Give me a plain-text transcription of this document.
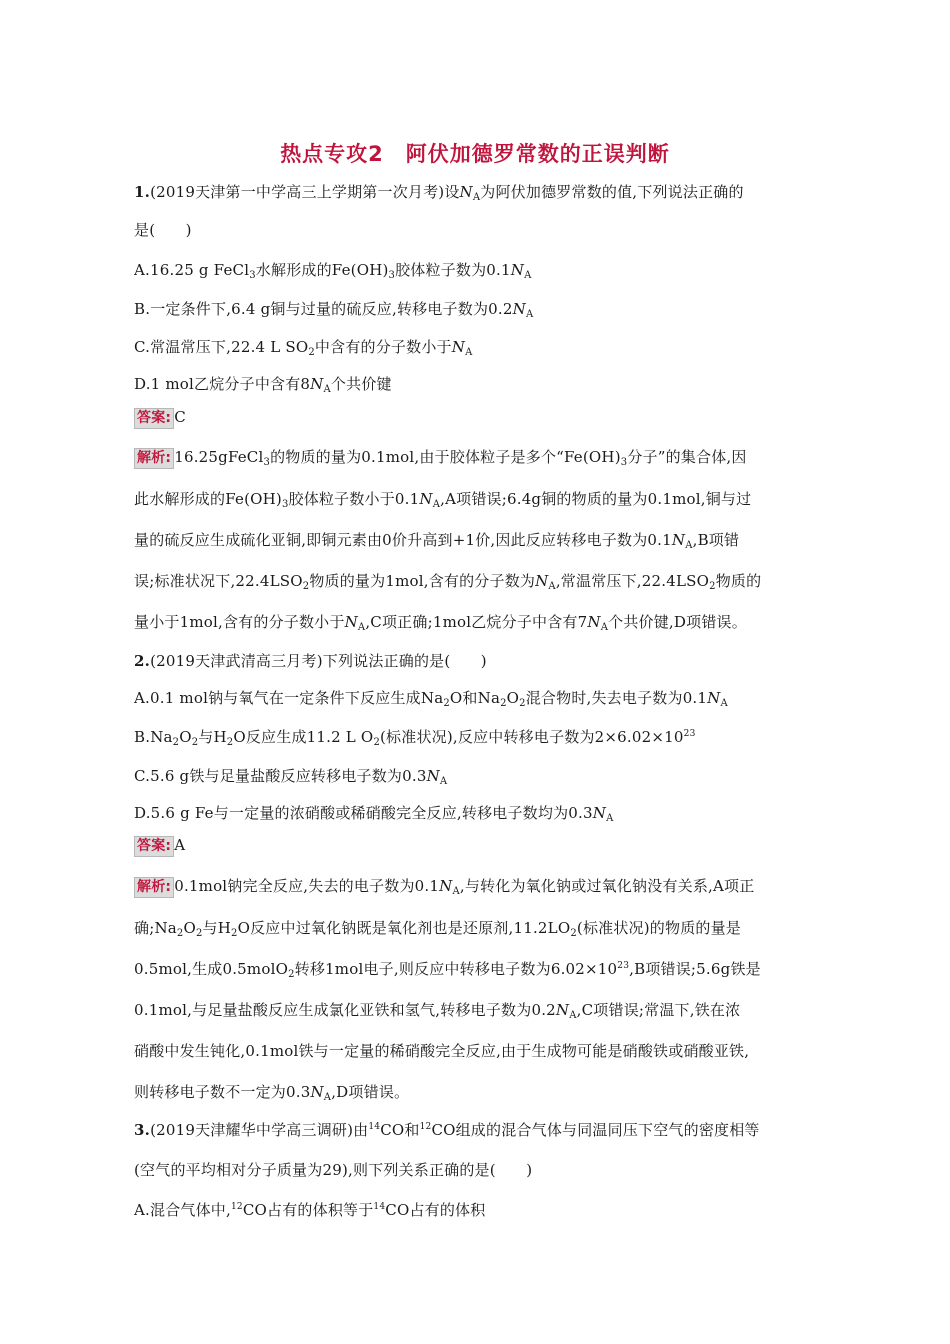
热点专攻2　阿伏加德罗常数的正误判断
1.(2019天津第一中学高三上学期第一次月考)设$N_A$为阿伏加德罗常数的值,下列说法正确的
是(　　)
A.16.25 g FeCl$_3$水解形成的$Fe(OH)_3$胶体粒子数为$0.1N_A$
B.一定条件下,6.4 g铜与过量的硫反应,转移电子数为$0.2N_A$
C.常温常压下,22.4 L $SO_2$中含有的分子数小于$N_A$
D.1 mol乙烷分子中含有$8N_A$个共价键
答案: C
解析: 16.25gFeCl$_3$的物质的量为0.1mol,由于胶体粒子是多个“$Fe(OH)_3$分子”的集合体,因
此水解形成的$Fe(OH)_3$胶体粒子数小于$0.1N_A,A$项错误;6.4g铜的物质的量为0.1mol,铜与过
量的硫反应生成硫化亚铜,即铜元素由0价升高到+1价,因此反应转移电子数为$0.1N_A,B$项错
误;标准状况下$,22.4LSO_2$物质的量为1mol,含有的分子数为$N_A$,常温常压下$,22.4LSO_2$物质的
量小于1mol,含有的分子数小于$N_A,C$项正确;1mol乙烷分子中含有$7N_A$个共价键,D项错误。
2.(2019天津武清高三月考)下列说法正确的是(　　)
A.0.1 mol钠与氧气在一定条件下反应生成$Na_2O$和$Na_2O_2$混合物时,失去电子数为$0.1N_A$
$B.Na_2O_2$与$H_2O$反应生成11.2 L $O_2$(标准状况),反应中转移电子数为$2\times 6.02\times 10^{23}$
C.5.6 g铁与足量盐酸反应转移电子数为$0.3N_A$
D.5.6 g Fe与一定量的浓硝酸或稀硝酸完全反应,转移电子数均为$0.3N_A$
答案: A
解析: 0.1mol钠完全反应,失去的电子数为$0.1N_A$,与转化为氧化钠或过氧化钠没有关系,A项正
确$;Na_2O_2$与$H_2O$反应中过氧化钠既是氧化剂也是还原剂$,11.2LO_2$(标准状况)的物质的量是
0.5mol,生成0.5molO$_2$转移1mol电子,则反应中转移电子数为$6.02\times 10^{23},B$项错误;5.6g铁是
0.1mol,与足量盐酸反应生成氯化亚铁和氢气,转移电子数为$0.2N_A,C$项错误;常温下,铁在浓
硝酸中发生钝化,0.1mol铁与一定量的稀硝酸完全反应,由于生成物可能是硝酸铁或硝酸亚铁,
则转移电子数不一定为$0.3N_A,D$项错误。
3.(2019天津耀华中学高三调研)由$^{14}$CO和$^{12}$CO组成的混合气体与同温同压下空气的密度相等
(空气的平均相对分子质量为29),则下列关系正确的是(　　)
A.混合气体中,$^{12}$CO占有的体积等于$^{14}$CO占有的体积
